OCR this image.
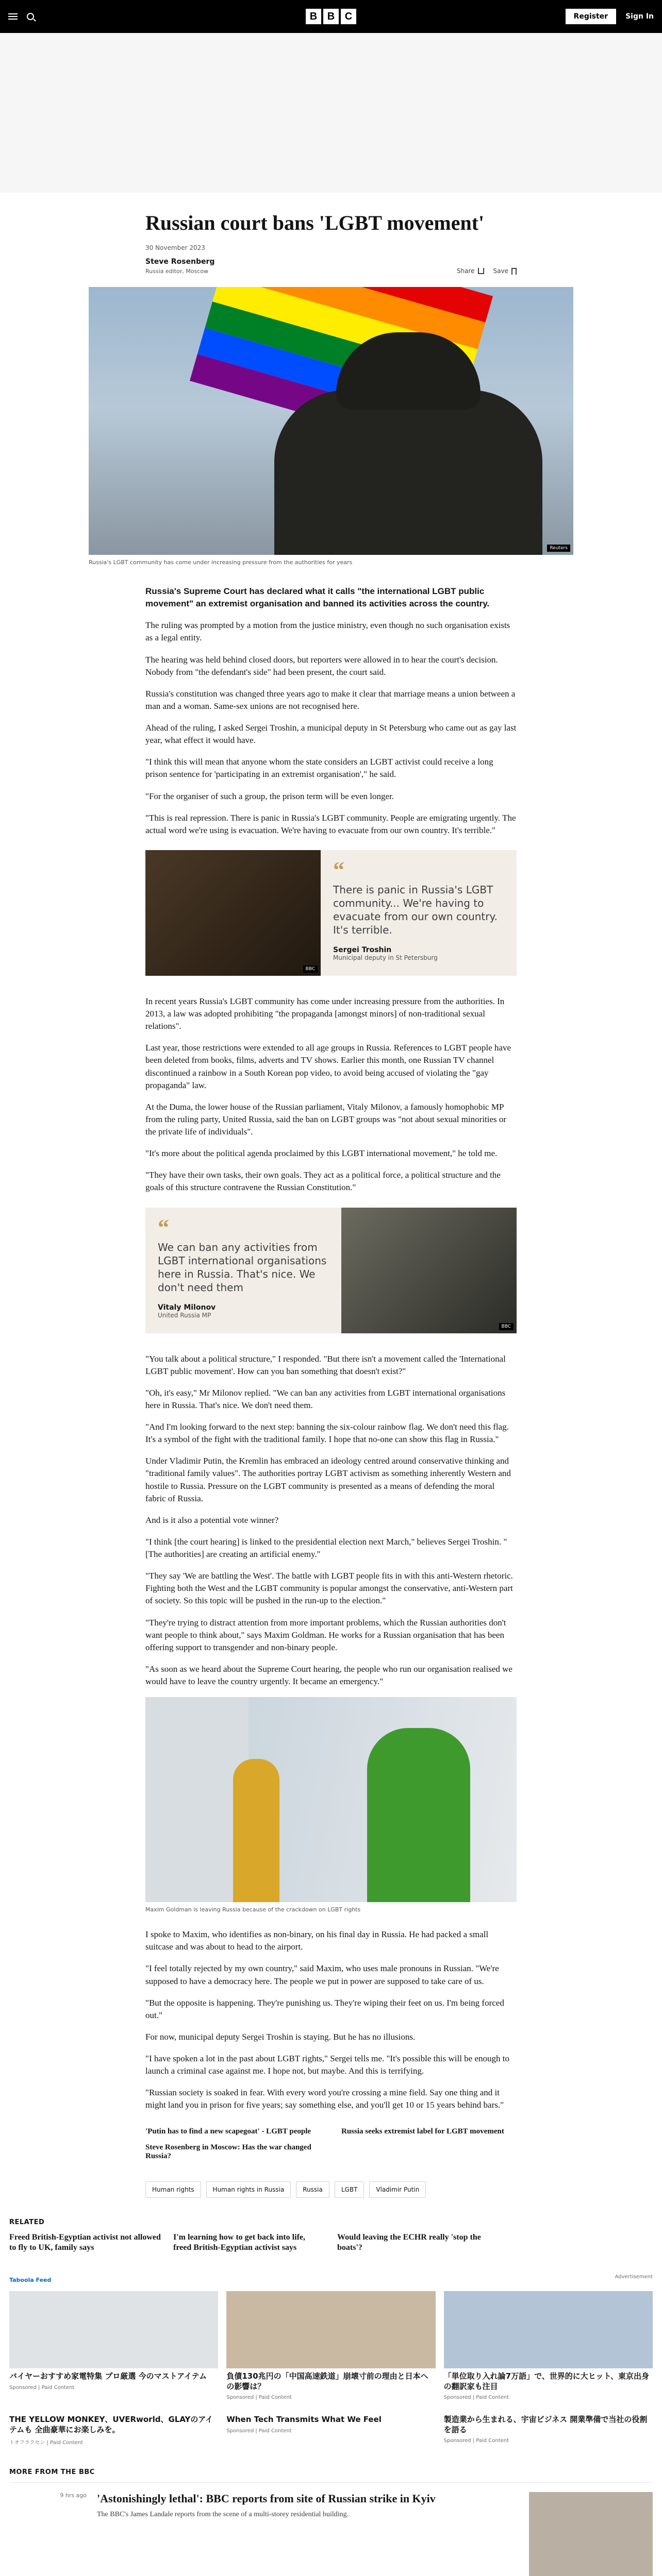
B B C	Register	Sign In
Russian court bans 'LGBT movement'
30 November 2023
Steve Rosenberg
Russia editor, Moscow	Share	Save
Reuters
Russia's LGBT community has come under increasing pressure from the authorities for years

Russia's Supreme Court has declared what it calls "the international LGBT public movement" an extremist organisation and banned its activities across the country.

The ruling was prompted by a motion from the justice ministry, even though no such organisation exists as a legal entity.

The hearing was held behind closed doors, but reporters were allowed in to hear the court's decision. Nobody from "the defendant's side" had been present, the court said.

Russia's constitution was changed three years ago to make it clear that marriage means a union between a man and a woman. Same-sex unions are not recognised here.

Ahead of the ruling, I asked Sergei Troshin, a municipal deputy in St Petersburg who came out as gay last year, what effect it would have.

"I think this will mean that anyone whom the state considers an LGBT activist could receive a long prison sentence for 'participating in an extremist organisation'," he said.

"For the organiser of such a group, the prison term will be even longer.

"This is real repression. There is panic in Russia's LGBT community. People are emigrating urgently. The actual word we're using is evacuation. We're having to evacuate from our own country. It's terrible."

BBC
“
There is panic in Russia's LGBT community... We're having to evacuate from our own country. It's terrible.
Sergei Troshin
Municipal deputy in St Petersburg

In recent years Russia's LGBT community has come under increasing pressure from the authorities. In 2013, a law was adopted prohibiting "the propaganda [amongst minors] of non-traditional sexual relations".

Last year, those restrictions were extended to all age groups in Russia. References to LGBT people have been deleted from books, films, adverts and TV shows. Earlier this month, one Russian TV channel discontinued a rainbow in a South Korean pop video, to avoid being accused of violating the "gay propaganda" law.

At the Duma, the lower house of the Russian parliament, Vitaly Milonov, a famously homophobic MP from the ruling party, United Russia, said the ban on LGBT groups was "not about sexual minorities or the private life of individuals".

"It's more about the political agenda proclaimed by this LGBT international movement," he told me.

"They have their own tasks, their own goals. They act as a political force, a political structure and the goals of this structure contravene the Russian Constitution."

“
We can ban any activities from LGBT international organisations here in Russia. That's nice. We don't need them
Vitaly Milonov
United Russia MP
BBC

"You talk about a political structure," I responded. "But there isn't a movement called the 'International LGBT public movement'. How can you ban something that doesn't exist?"

"Oh, it's easy," Mr Milonov replied. "We can ban any activities from LGBT international organisations here in Russia. That's nice. We don't need them.

"And I'm looking forward to the next step: banning the six-colour rainbow flag. We don't need this flag. It's a symbol of the fight with the traditional family. I hope that no-one can show this flag in Russia."

Under Vladimir Putin, the Kremlin has embraced an ideology centred around conservative thinking and "traditional family values". The authorities portray LGBT activism as something inherently Western and hostile to Russia. Pressure on the LGBT community is presented as a means of defending the moral fabric of Russia.

And is it also a potential vote winner?

"I think [the court hearing] is linked to the presidential election next March," believes Sergei Troshin. "[The authorities] are creating an artificial enemy."

"They say 'We are battling the West'. The battle with LGBT people fits in with this anti-Western rhetoric. Fighting both the West and the LGBT community is popular amongst the conservative, anti-Western part of society. So this topic will be pushed in the run-up to the election."

"They're trying to distract attention from more important problems, which the Russian authorities don't want people to think about," says Maxim Goldman. He works for a Russian organisation that has been offering support to transgender and non-binary people.

"As soon as we heard about the Supreme Court hearing, the people who run our organisation realised we would have to leave the country urgently. It became an emergency."

Maxim Goldman is leaving Russia because of the crackdown on LGBT rights

I spoke to Maxim, who identifies as non-binary, on his final day in Russia. He had packed a small suitcase and was about to head to the airport.

"I feel totally rejected by my own country," said Maxim, who uses male pronouns in Russian. "We're supposed to have a democracy here. The people we put in power are supposed to take care of us.

"But the opposite is happening. They're punishing us. They're wiping their feet on us. I'm being forced out."

For now, municipal deputy Sergei Troshin is staying. But he has no illusions.

"I have spoken a lot in the past about LGBT rights," Sergei tells me. "It's possible this will be enough to launch a criminal case against me. I hope not, but maybe. And this is terrifying.

"Russian society is soaked in fear. With every word you're crossing a mine field. Say one thing and it might land you in prison for five years; say something else, and you'll get 10 or 15 years behind bars."

'Putin has to find a new scapegoat' - LGBT people	Russia seeks extremist label for LGBT movement
Steve Rosenberg in Moscow: Has the war changed Russia?
Human rights	Human rights in Russia	Russia	LGBT	Vladimir Putin
RELATED
Freed British-Egyptian activist not allowed to fly to UK, family says
I'm learning how to get back into life, freed British-Egyptian activist says
Would leaving the ECHR really 'stop the boats'?
Taboola Feed	Advertisement
バイヤーおすすめ家電特集 プロ厳選 今のマストアイテム
Sponsored | Paid Content
負債130兆円の「中国高速鉄道」崩壊寸前の理由と日本への影響は？
Sponsored | Paid Content
「単位取り入れ論7万語」で、世界的に大ヒット、東京出身の翻訳家も注目
Sponsored | Paid Content
THE YELLOW MONKEY、UVERworld、GLAYのアイテムも 全曲豪華にお楽しみを。
トオフラクセン | Paid Content
When Tech Transmits What We Feel
Sponsored | Paid Content
製造業から生まれる、宇宙ビジネス 開業準備で当社の役割を語る
Sponsored | Paid Content
MORE FROM THE BBC
9 hrs ago 'Astonishingly lethal': BBC reports from site of Russian strike in Kyiv

The BBC's James Landale reports from the scene of a multi-storey residential building.
